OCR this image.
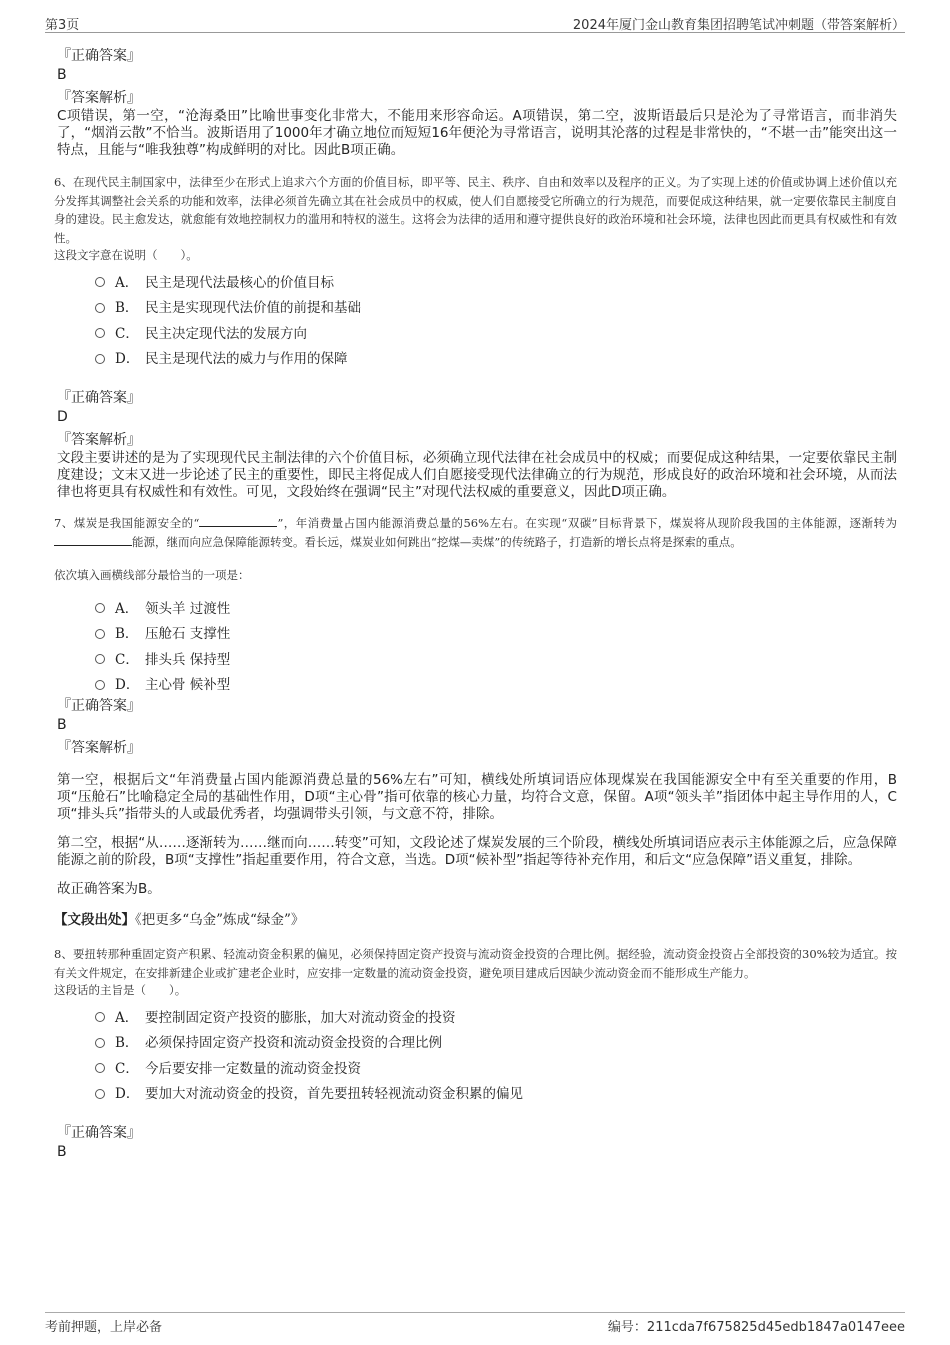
第3页	2024年厦门金山教育集团招聘笔试冲刺题（带答案解析）
『正确答案』
B
『答案解析』
C项错误，第一空，“沧海桑田”比喻世事变化非常大，不能用来形容命运。A项错误，第二空，波斯语最后只是沦为了寻常语言，而非消失了，“烟消云散”不恰当。波斯语用了1000年才确立地位而短短16年便沦为寻常语言，说明其沦落的过程是非常快的，“不堪一击”能突出这一特点，且能与“唯我独尊”构成鲜明的对比。因此B项正确。
6、在现代民主制国家中，法律至少在形式上追求六个方面的价值目标，即平等、民主、秩序、自由和效率以及程序的正义。为了实现上述的价值或协调上述价值以充分发挥其调整社会关系的功能和效率，法律必须首先确立其在社会成员中的权威，使人们自愿接受它所确立的行为规范，而要促成这种结果，就一定要依靠民主制度自身的建设。民主愈发达，就愈能有效地控制权力的滥用和特权的滋生。这将会为法律的适用和遵守提供良好的政治环境和社会环境，法律也因此而更具有权威性和有效性。
这段文字意在说明（　　）。
A． 民主是现代法最核心的价值目标
B． 民主是实现现代法价值的前提和基础
C． 民主决定现代法的发展方向
D． 民主是现代法的威力与作用的保障
『正确答案』
D
『答案解析』
文段主要讲述的是为了实现现代民主制法律的六个价值目标，必须确立现代法律在社会成员中的权威；而要促成这种结果，一定要依靠民主制度建设；文末又进一步论述了民主的重要性，即民主将促成人们自愿接受现代法律确立的行为规范，形成良好的政治环境和社会环境，从而法律也将更具有权威性和有效性。可见，文段始终在强调“民主”对现代法权威的重要意义，因此D项正确。
7、煤炭是我国能源安全的“	”，年消费量占国内能源消费总量的56%左右。在实现“双碳”目标背景下，煤炭将从现阶段我国的主体能源，逐渐转为能源，继而向应急保障能源转变。看长远，煤炭业如何跳出“挖煤—卖煤”的传统路子，打造新的增长点将是探索的重点。
依次填入画横线部分最恰当的一项是：
A． 领头羊 过渡性
B． 压舱石 支撑性
C． 排头兵 保持型
D． 主心骨 候补型
『正确答案』
B
『答案解析』
第一空，根据后文“年消费量占国内能源消费总量的56%左右”可知，横线处所填词语应体现煤炭在我国能源安全中有至关重要的作用，B项“压舱石”比喻稳定全局的基础性作用，D项“主心骨”指可依靠的核心力量，均符合文意，保留。A项“领头羊”指团体中起主导作用的人，C项“排头兵”指带头的人或最优秀者，均强调带头引领，与文意不符，排除。
第二空，根据“从……逐渐转为……继而向……转变”可知，文段论述了煤炭发展的三个阶段，横线处所填词语应表示主体能源之后，应急保障能源之前的阶段，B项“支撑性”指起重要作用，符合文意，当选。D项“候补型”指起等待补充作用，和后文“应急保障”语义重复，排除。
故正确答案为B。
【文段出处】《把更多“乌金”炼成“绿金”》
8、要扭转那种重固定资产积累、轻流动资金积累的偏见，必须保持固定资产投资与流动资金投资的合理比例。据经验，流动资金投资占全部投资的30%较为适宜。按有关文件规定，在安排新建企业或扩建老企业时，应安排一定数量的流动资金投资，避免项目建成后因缺少流动资金而不能形成生产能力。
这段话的主旨是（　　）。
A． 要控制固定资产投资的膨胀，加大对流动资金的投资
B． 必须保持固定资产投资和流动资金投资的合理比例
C． 今后要安排一定数量的流动资金投资
D． 要加大对流动资金的投资，首先要扭转轻视流动资金积累的偏见
『正确答案』
B
考前押题，上岸必备	编号：211cda7f675825d45edb1847a0147eee
